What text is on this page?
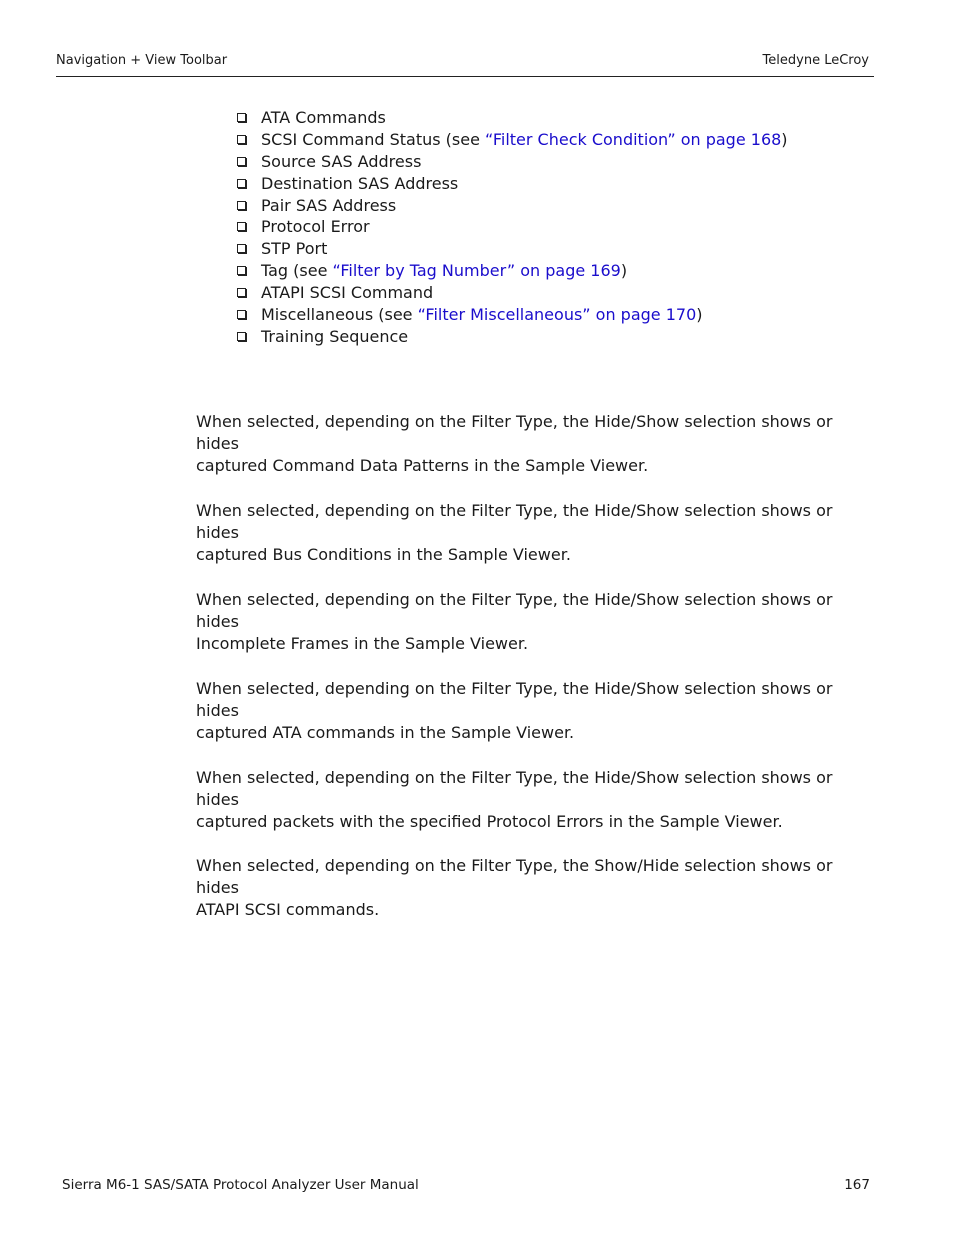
Navigation + View Toolbar	Teledyne LeCroy
ATA Commands
SCSI Command Status (see “Filter Check Condition” on page 168)
Source SAS Address
Destination SAS Address
Pair SAS Address
Protocol Error
STP Port
Tag (see “Filter by Tag Number” on page 169)
ATAPI SCSI Command
Miscellaneous (see “Filter Miscellaneous” on page 170)
Training Sequence

When selected, depending on the Filter Type, the Hide/Show selection shows or hides
captured Command Data Patterns in the Sample Viewer.

When selected, depending on the Filter Type, the Hide/Show selection shows or hides
captured Bus Conditions in the Sample Viewer.

When selected, depending on the Filter Type, the Hide/Show selection shows or hides
Incomplete Frames in the Sample Viewer.

When selected, depending on the Filter Type, the Hide/Show selection shows or hides
captured ATA commands in the Sample Viewer.

When selected, depending on the Filter Type, the Hide/Show selection shows or hides
captured packets with the specified Protocol Errors in the Sample Viewer.

When selected, depending on the Filter Type, the Show/Hide selection shows or hides
ATAPI SCSI commands.

Sierra M6-1 SAS/SATA Protocol Analyzer User Manual	167
